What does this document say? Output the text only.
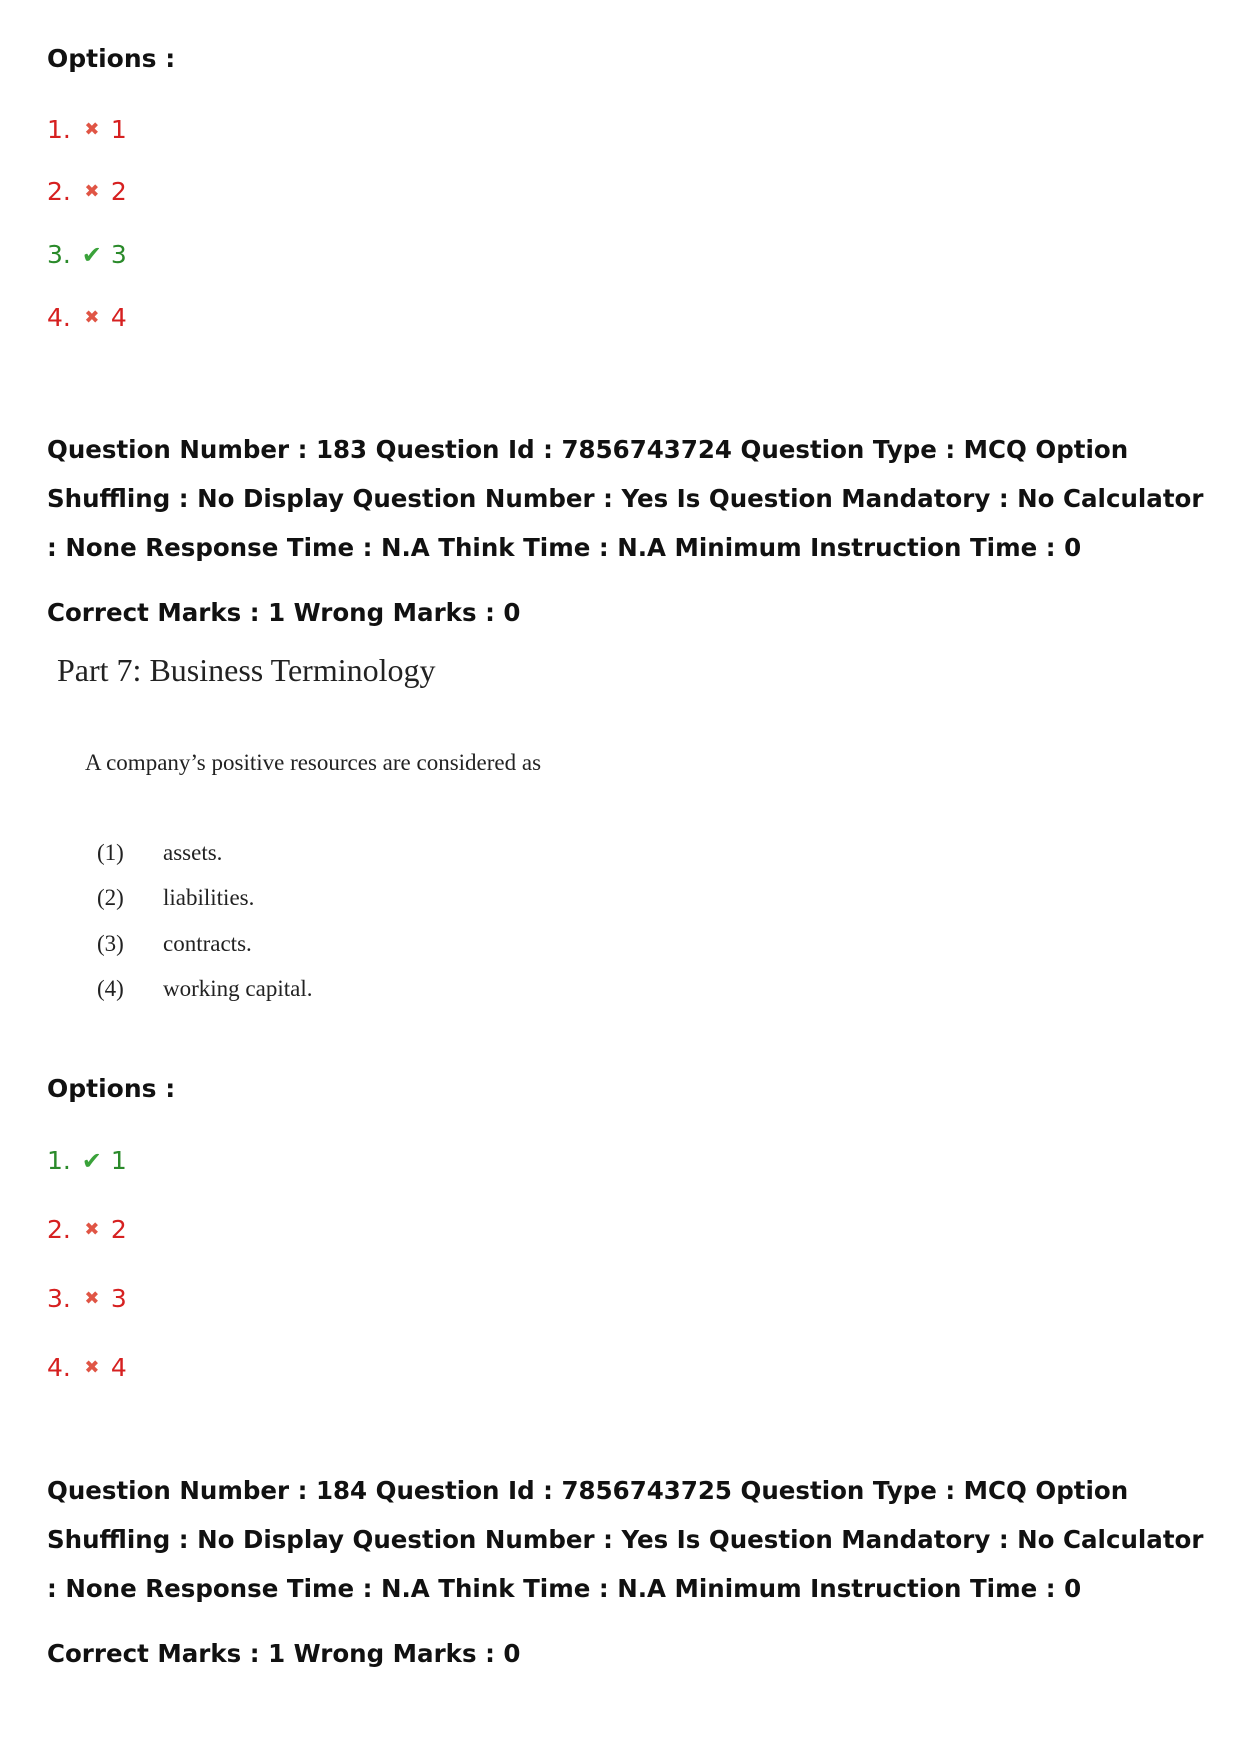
Options :
1. ✖ 1
2. ✖ 2
3. ✔ 3
4. ✖ 4
Question Number : 183 Question Id : 7856743724 Question Type : MCQ Option Shuffling : No Display Question Number : Yes Is Question Mandatory : No Calculator : None Response Time : N.A Think Time : N.A Minimum Instruction Time : 0
Correct Marks : 1 Wrong Marks : 0
Part 7: Business Terminology
A company’s positive resources are considered as
(1) assets.
(2) liabilities.
(3) contracts.
(4) working capital.
Options :
1. ✔ 1
2. ✖ 2
3. ✖ 3
4. ✖ 4
Question Number : 184 Question Id : 7856743725 Question Type : MCQ Option Shuffling : No Display Question Number : Yes Is Question Mandatory : No Calculator : None Response Time : N.A Think Time : N.A Minimum Instruction Time : 0
Correct Marks : 1 Wrong Marks : 0
